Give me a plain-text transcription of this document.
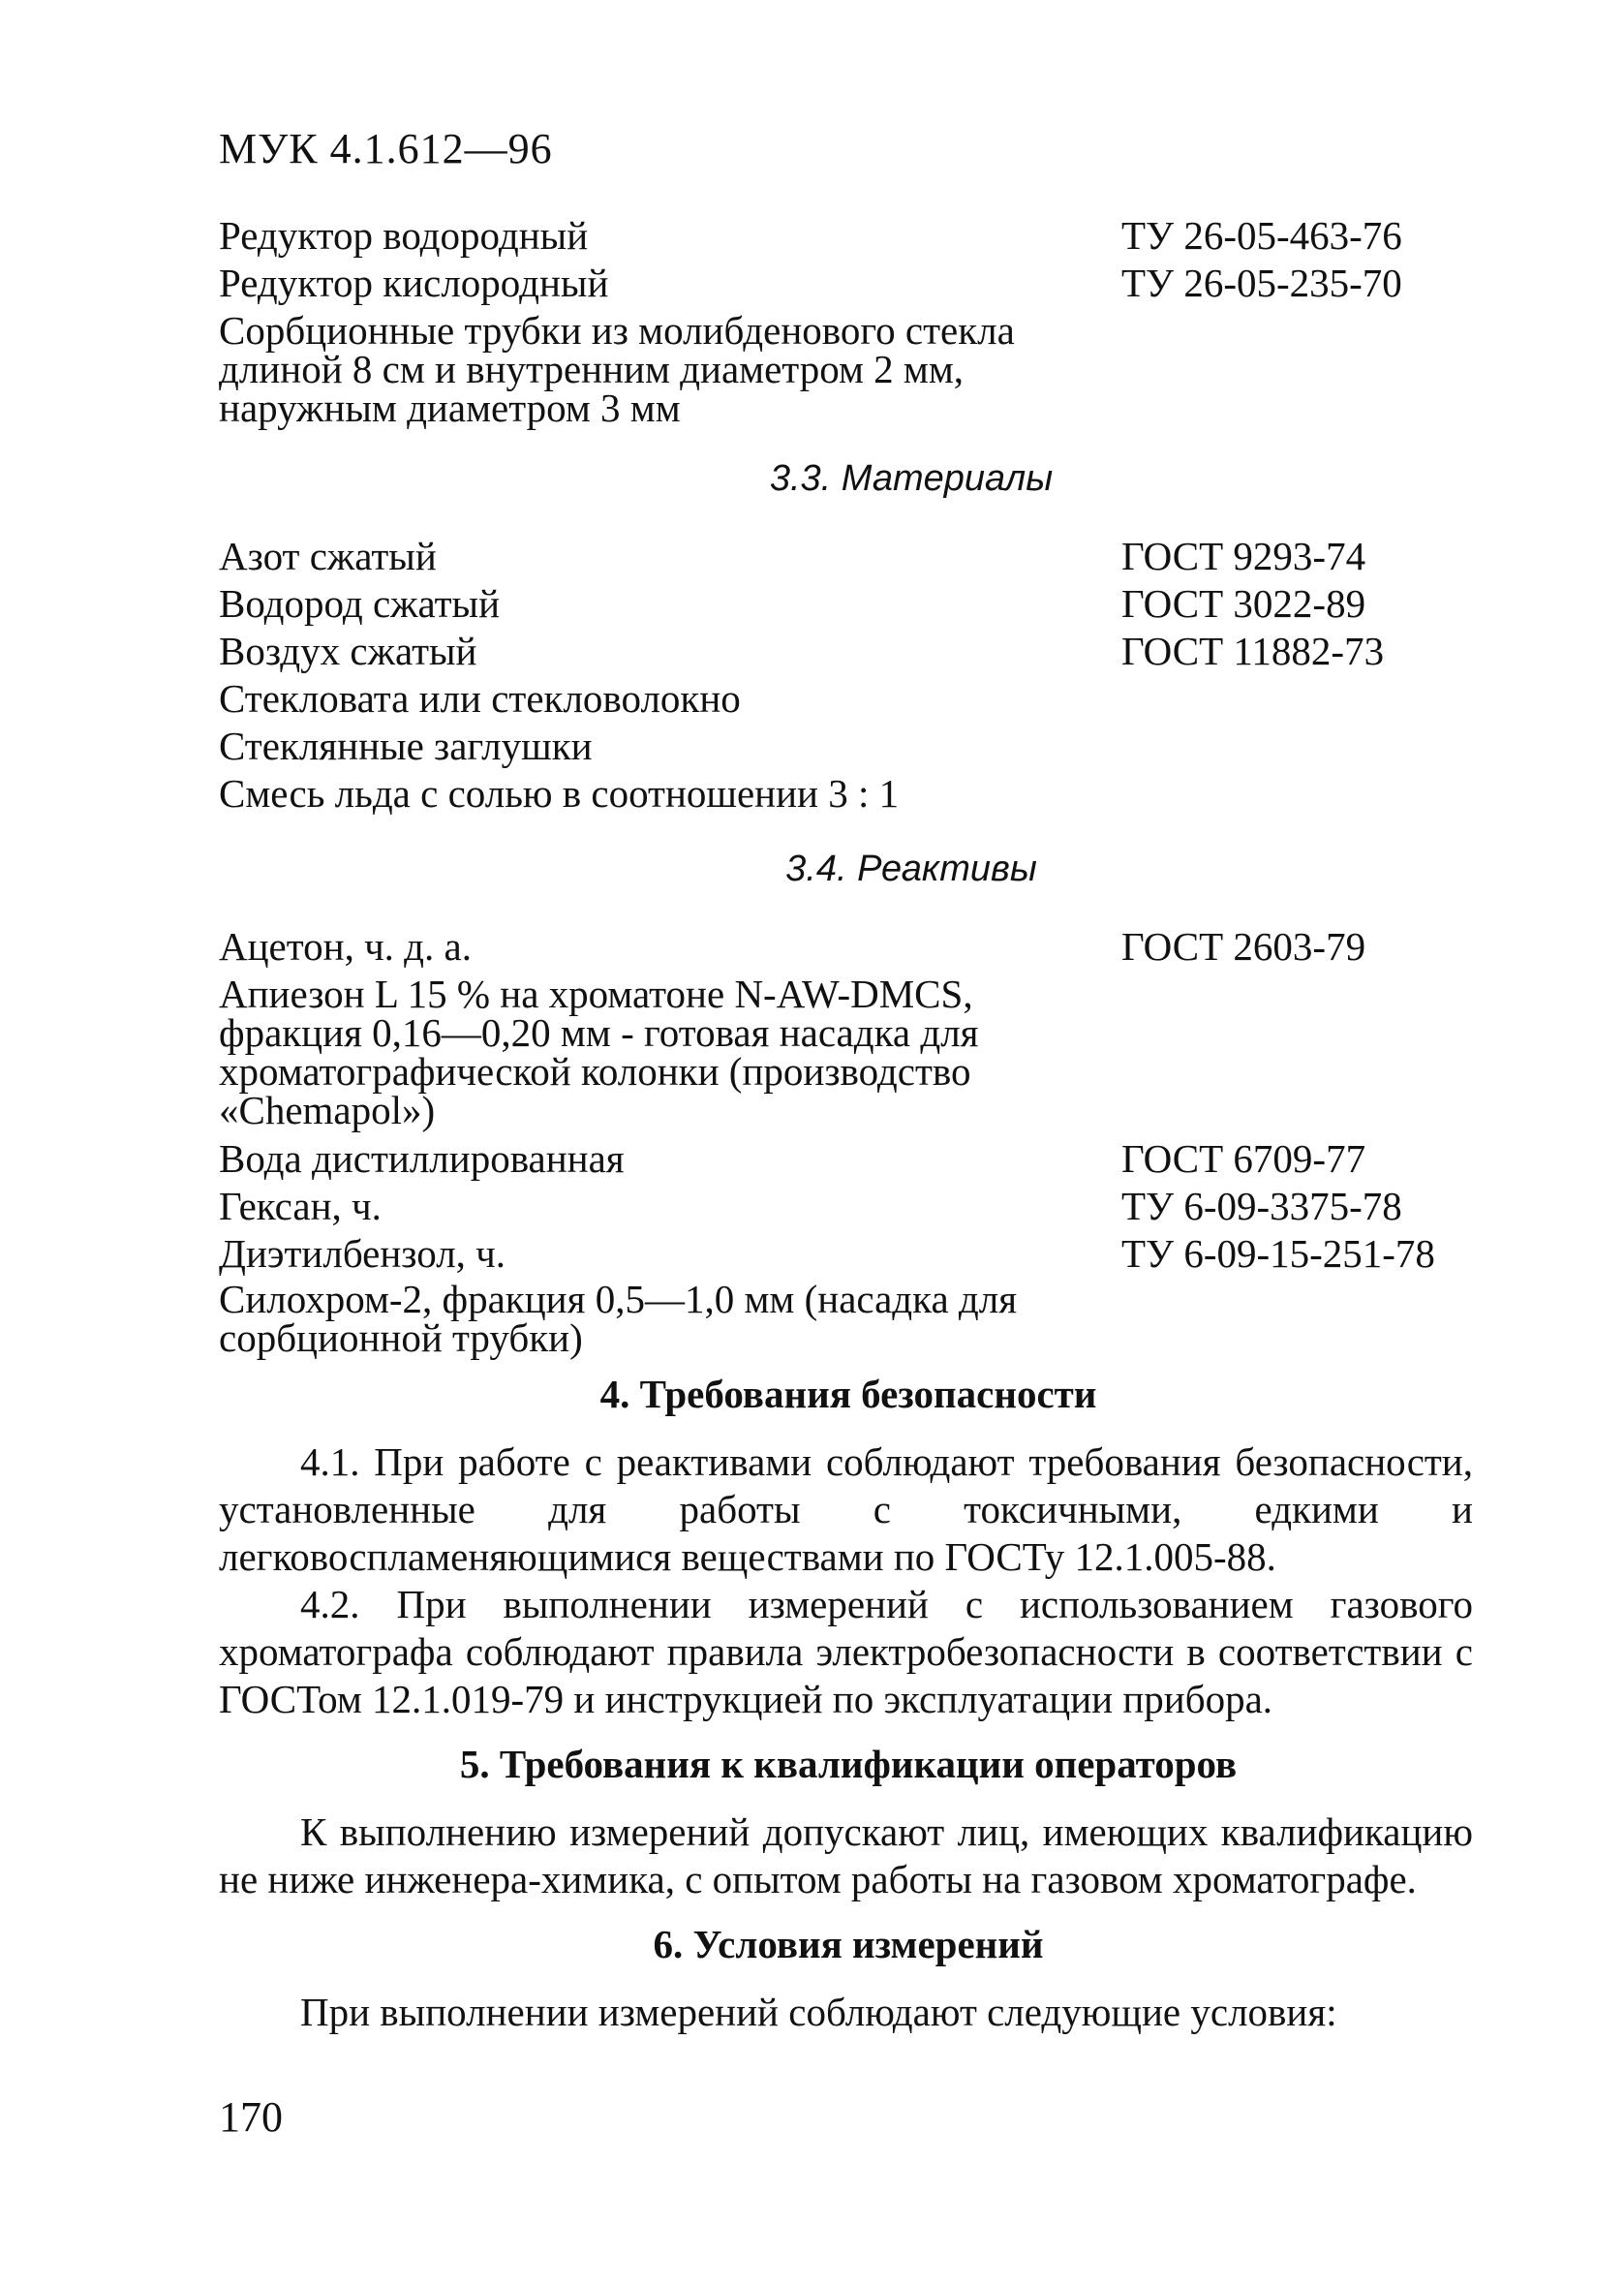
МУК 4.1.612—96
Редуктор водородный	ТУ 26-05-463-76
Редуктор кислородный	ТУ 26-05-235-70
Сорбционные трубки из молибденового стекла длиной 8 см и внутренним диаметром 2 мм, наружным диаметром 3 мм
3.3. Материалы
Азот сжатый	ГОСТ 9293-74
Водород сжатый	ГОСТ 3022-89
Воздух сжатый	ГОСТ 11882-73
Стекловата или стекловолокно
Стеклянные заглушки
Смесь льда с солью в соотношении 3 : 1
3.4. Реактивы
Ацетон, ч. д. а.	ГОСТ 2603-79
Апиезон L 15 % на хроматоне N-AW-DMCS, фракция 0,16—0,20 мм - готовая насадка для хроматографической колонки (производство «Chemapol»)
Вода дистиллированная	ГОСТ 6709-77
Гексан, ч.	ТУ 6-09-3375-78
Диэтилбензол, ч.	ТУ 6-09-15-251-78
Силохром-2, фракция 0,5—1,0 мм (насадка для сорбционной трубки)
4. Требования безопасности

4.1. При работе с реактивами соблюдают требования безопасности, установленные для работы с токсичными, едкими и легковоспламеняющимися веществами по ГОСТу 12.1.005-88.

4.2. При выполнении измерений с использованием газового хроматографа соблюдают правила электробезопасности в соответствии с ГОСТом 12.1.019-79 и инструкцией по эксплуатации прибора.

5. Требования к квалификации операторов

К выполнению измерений допускают лиц, имеющих квалификацию не ниже инженера-химика, с опытом работы на газовом хроматографе.

6. Условия измерений

При выполнении измерений соблюдают следующие условия:

170
